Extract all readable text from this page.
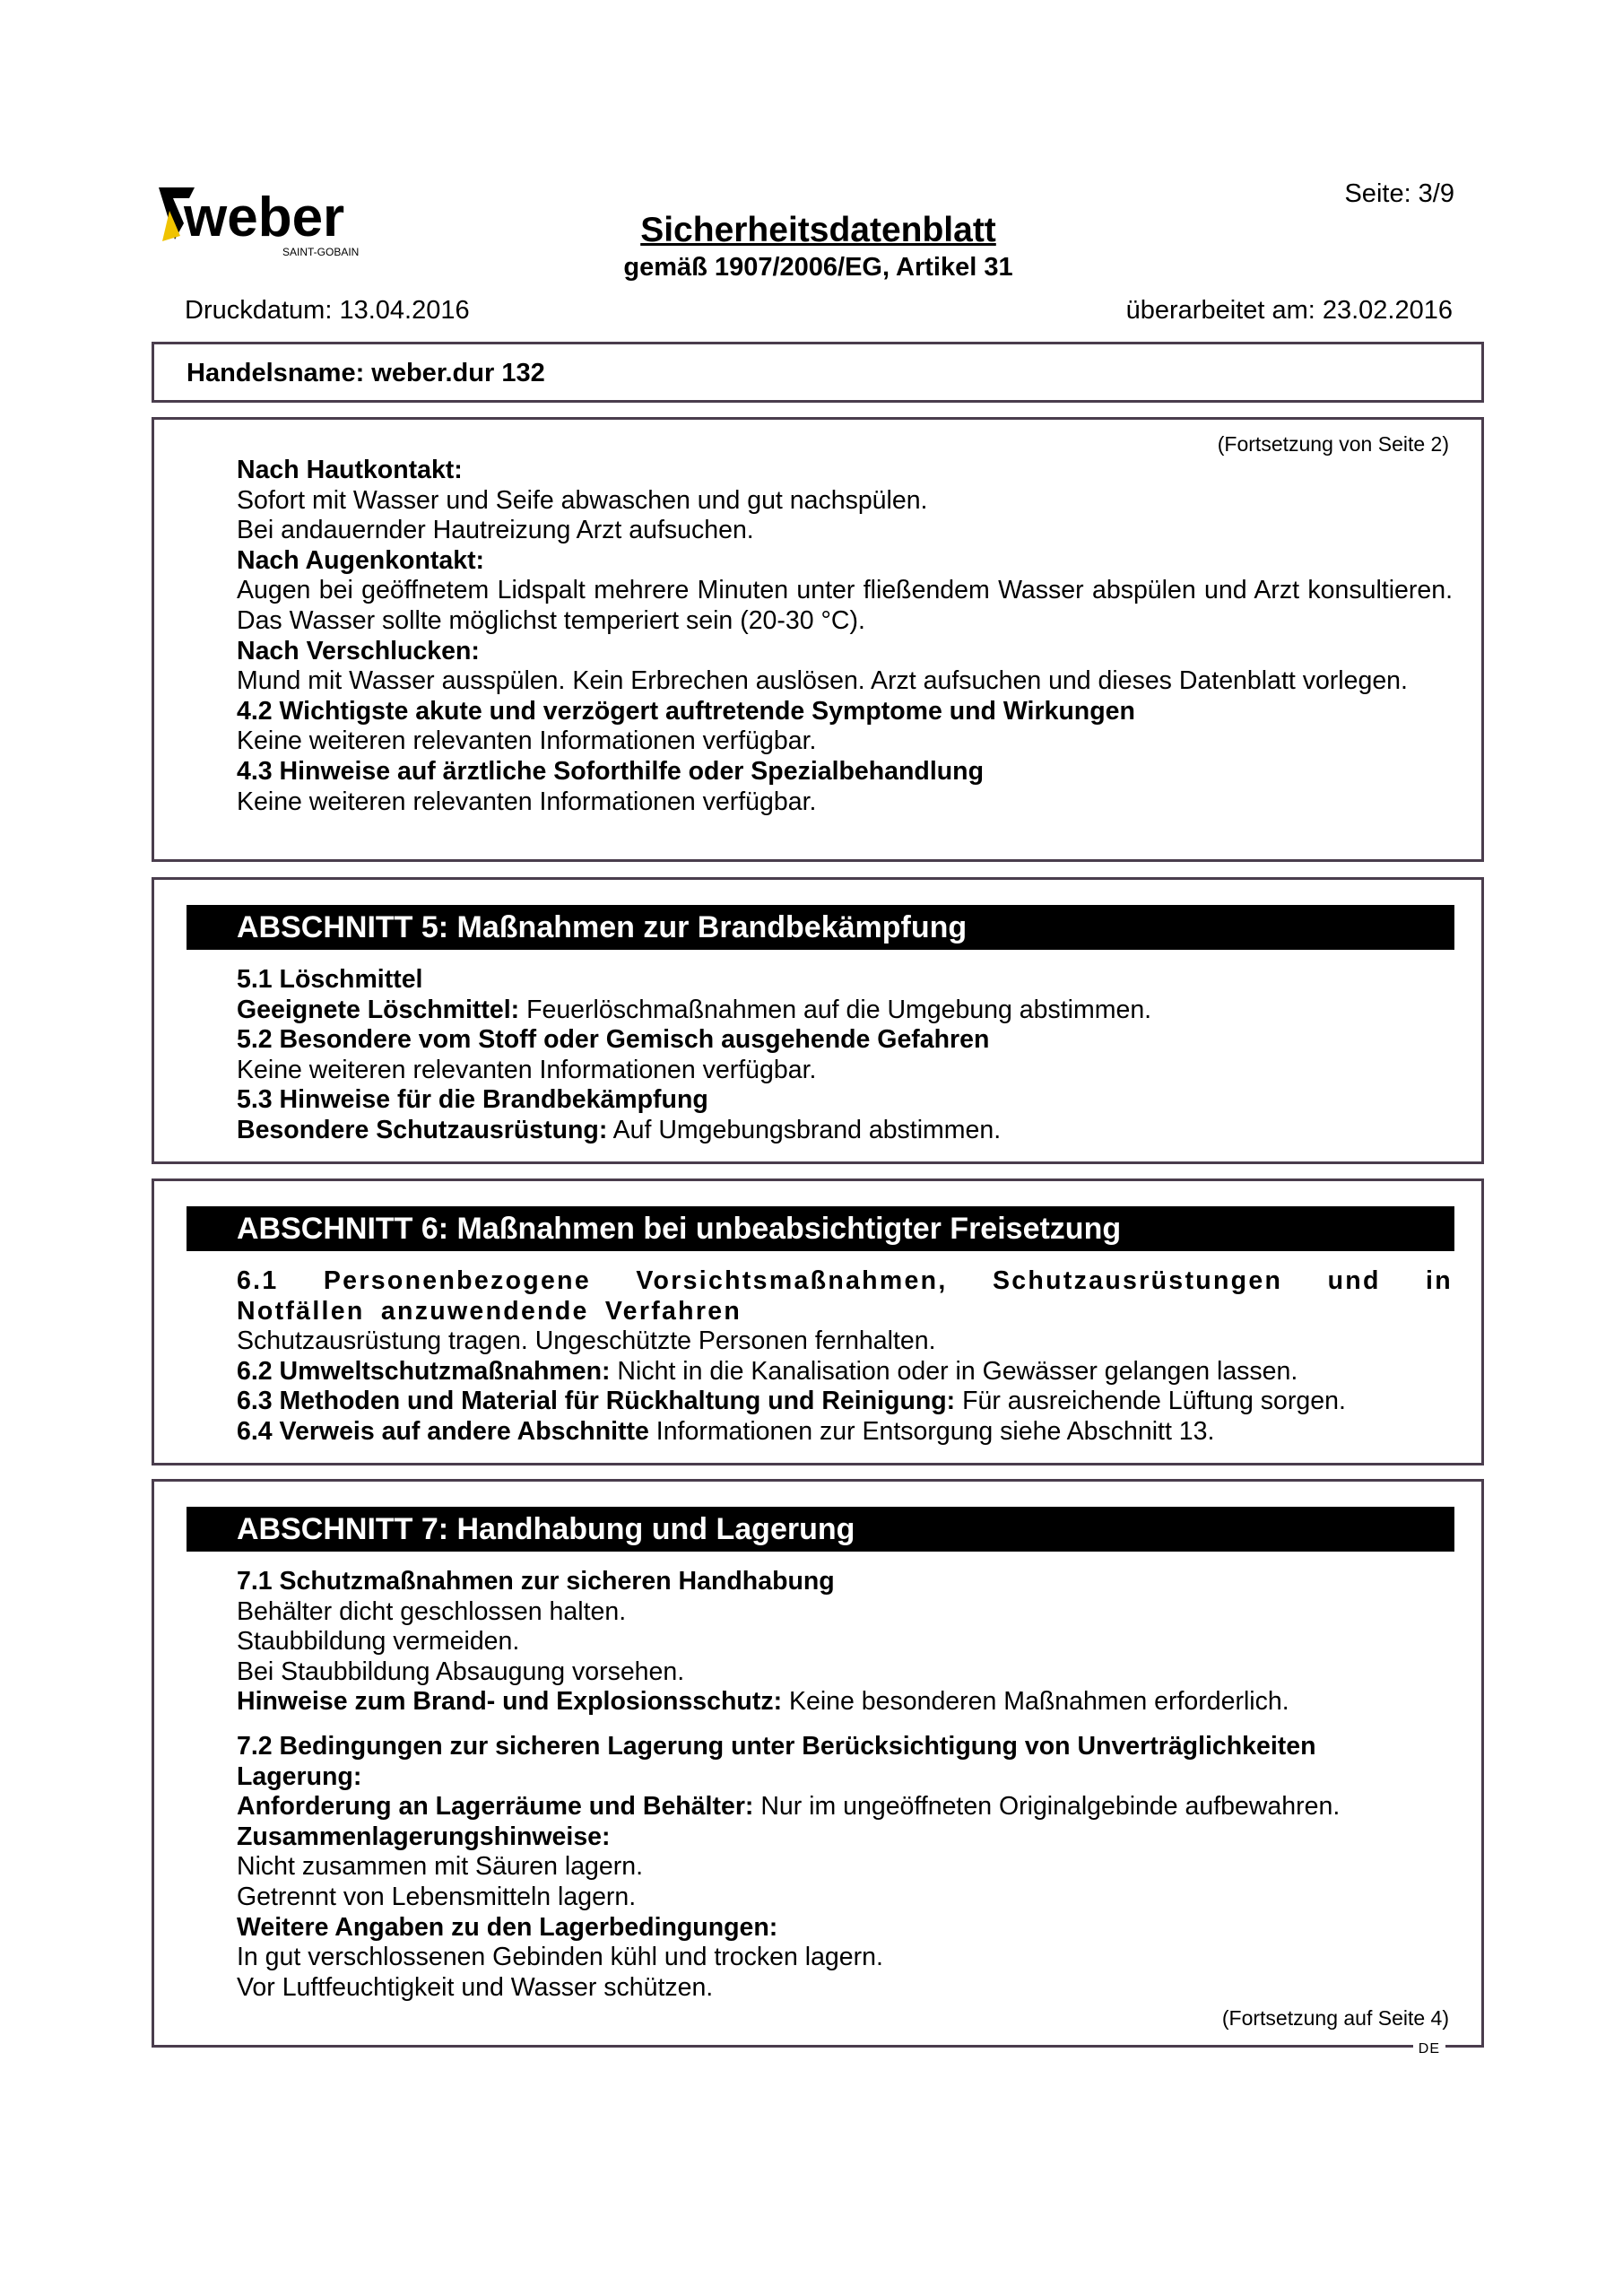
weber
SAINT-GOBAIN
Seite: 3/9
Sicherheitsdatenblatt
gemäß 1907/2006/EG, Artikel 31
Druckdatum: 13.04.2016	überarbeitet am: 23.02.2016
Handelsname: weber.dur 132
(Fortsetzung von Seite 2)

Nach Hautkontakt:

Sofort mit Wasser und Seife abwaschen und gut nachspülen.

Bei andauernder Hautreizung Arzt aufsuchen.

Nach Augenkontakt:

Augen bei geöffnetem Lidspalt mehrere Minuten unter fließendem Wasser abspülen und Arzt konsultieren. Das Wasser sollte möglichst temperiert sein (20-30 °C).

Nach Verschlucken:

Mund mit Wasser ausspülen. Kein Erbrechen auslösen. Arzt aufsuchen und dieses Datenblatt vorlegen.

4.2 Wichtigste akute und verzögert auftretende Symptome und Wirkungen

Keine weiteren relevanten Informationen verfügbar.

4.3 Hinweise auf ärztliche Soforthilfe oder Spezialbehandlung

Keine weiteren relevanten Informationen verfügbar.

ABSCHNITT 5: Maßnahmen zur Brandbekämpfung

5.1 Löschmittel

Geeignete Löschmittel: Feuerlöschmaßnahmen auf die Umgebung abstimmen.

5.2 Besondere vom Stoff oder Gemisch ausgehende Gefahren

Keine weiteren relevanten Informationen verfügbar.

5.3 Hinweise für die Brandbekämpfung

Besondere Schutzausrüstung: Auf Umgebungsbrand abstimmen.

ABSCHNITT 6: Maßnahmen bei unbeabsichtigter Freisetzung

6.1 Personenbezogene Vorsichtsmaßnahmen, Schutzausrüstungen und in Notfällen anzuwendende Verfahren

Schutzausrüstung tragen. Ungeschützte Personen fernhalten.

6.2 Umweltschutzmaßnahmen: Nicht in die Kanalisation oder in Gewässer gelangen lassen.

6.3 Methoden und Material für Rückhaltung und Reinigung: Für ausreichende Lüftung sorgen.

6.4 Verweis auf andere Abschnitte Informationen zur Entsorgung siehe Abschnitt 13.

ABSCHNITT 7: Handhabung und Lagerung

7.1 Schutzmaßnahmen zur sicheren Handhabung

Behälter dicht geschlossen halten.

Staubbildung vermeiden.

Bei Staubbildung Absaugung vorsehen.

Hinweise zum Brand- und Explosionsschutz: Keine besonderen Maßnahmen erforderlich.

7.2 Bedingungen zur sicheren Lagerung unter Berücksichtigung von Unverträglichkeiten

Lagerung:

Anforderung an Lagerräume und Behälter: Nur im ungeöffneten Originalgebinde aufbewahren.

Zusammenlagerungshinweise:

Nicht zusammen mit Säuren lagern.

Getrennt von Lebensmitteln lagern.

Weitere Angaben zu den Lagerbedingungen:

In gut verschlossenen Gebinden kühl und trocken lagern.

Vor Luftfeuchtigkeit und Wasser schützen.

(Fortsetzung auf Seite 4)
DE
